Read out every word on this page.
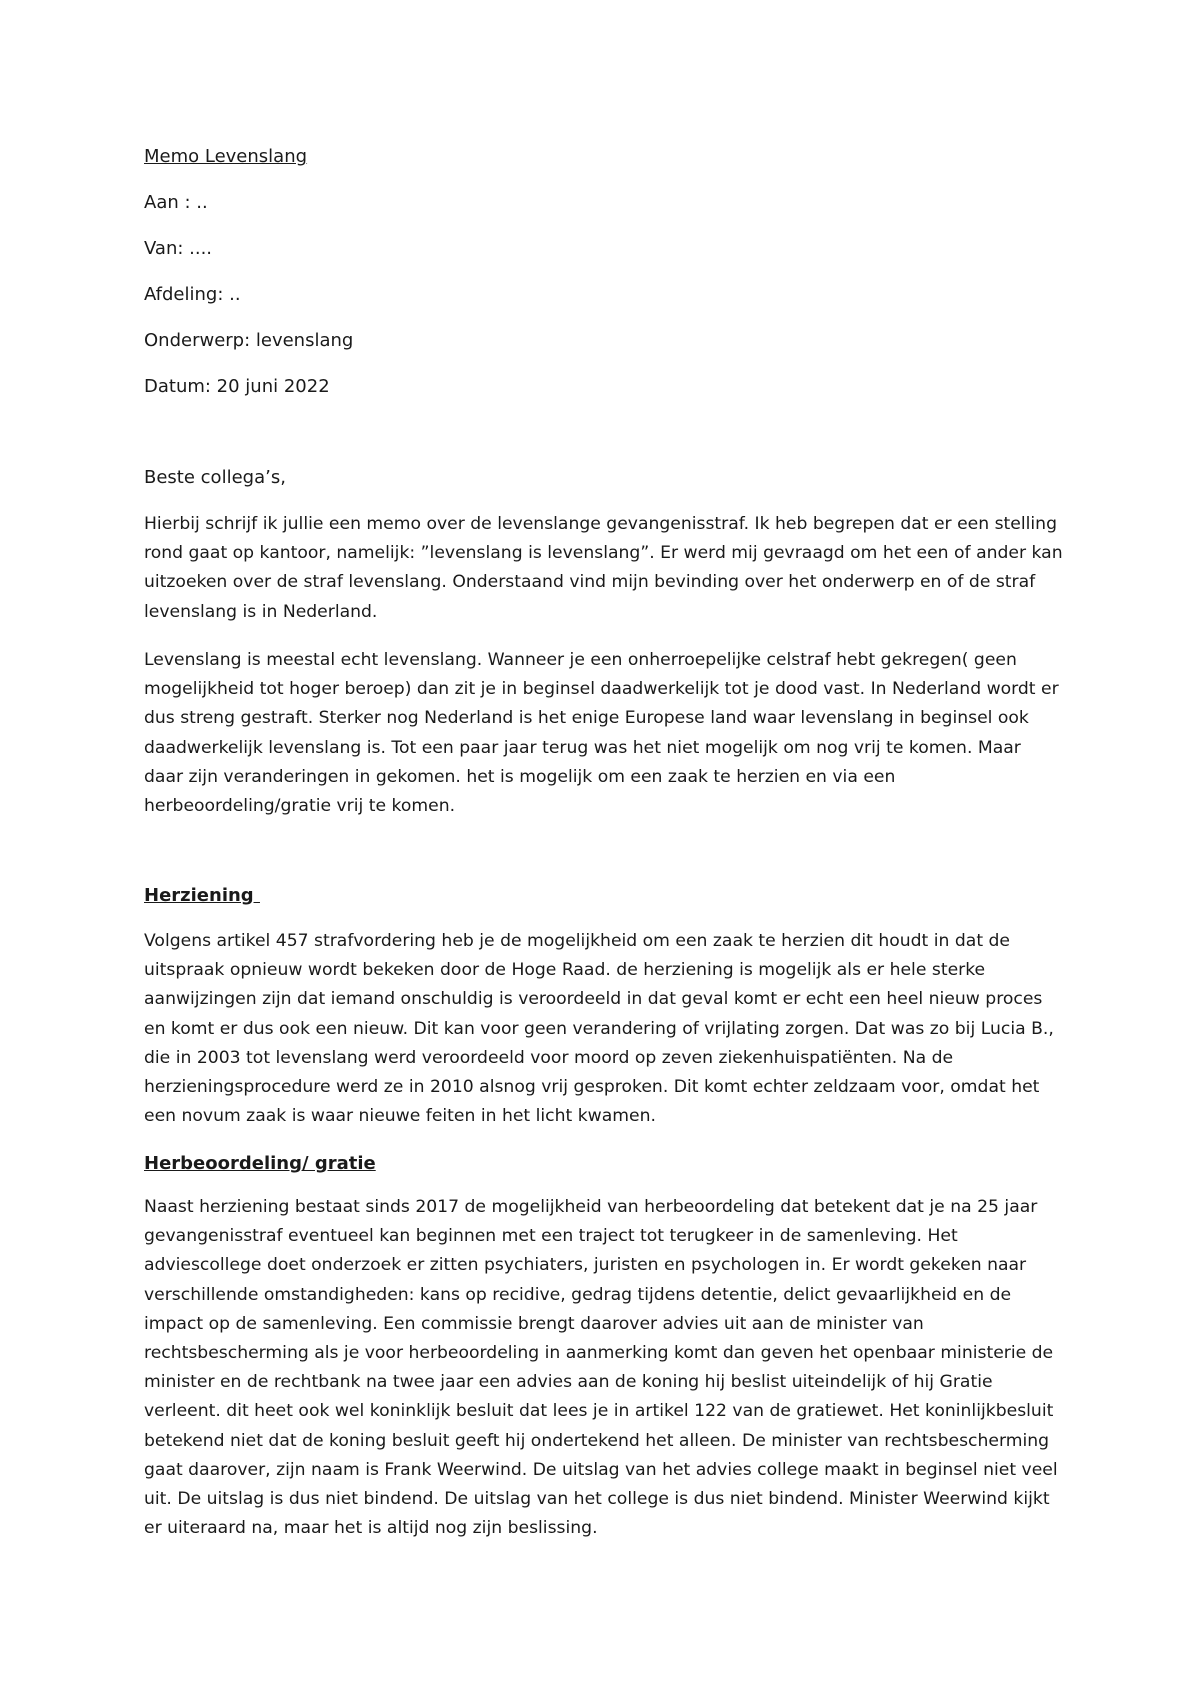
Memo Levenslang
Aan : ..
Van: ....
Afdeling: ..
Onderwerp: levenslang
Datum: 20 juni 2022
Beste collega’s,

Hierbij schrijf ik jullie een memo over de levenslange gevangenisstraf. Ik heb begrepen dat er een stelling rond gaat op kantoor, namelijk: ”levenslang is levenslang”. Er werd mij gevraagd om het een of ander kan uitzoeken over de straf levenslang. Onderstaand vind mijn bevinding over het onderwerp en of de straf levenslang is in Nederland.

Levenslang is meestal echt levenslang. Wanneer je een onherroepelijke celstraf hebt gekregen( geen mogelijkheid tot hoger beroep) dan zit je in beginsel daadwerkelijk tot je dood vast. In Nederland wordt er dus streng gestraft. Sterker nog Nederland is het enige Europese land waar levenslang in beginsel ook daadwerkelijk levenslang is. Tot een paar jaar terug was het niet mogelijk om nog vrij te komen. Maar daar zijn veranderingen in gekomen. het is mogelijk om een zaak te herzien en via een herbeoordeling/gratie vrij te komen.

Herziening

Volgens artikel 457 strafvordering heb je de mogelijkheid om een zaak te herzien dit houdt in dat de uitspraak opnieuw wordt bekeken door de Hoge Raad. de herziening is mogelijk als er hele sterke aanwijzingen zijn dat iemand onschuldig is veroordeeld in dat geval komt er echt een heel nieuw proces en komt er dus ook een nieuw. Dit kan voor geen verandering of vrijlating zorgen. Dat was zo bij Lucia B., die in 2003 tot levenslang werd veroordeeld voor moord op zeven ziekenhuispatiënten. Na de herzieningsprocedure werd ze in 2010 alsnog vrij gesproken. Dit komt echter zeldzaam voor, omdat het een novum zaak is waar nieuwe feiten in het licht kwamen.

Herbeoordeling/ gratie

Naast herziening bestaat sinds 2017 de mogelijkheid van herbeoordeling dat betekent dat je na 25 jaar gevangenisstraf eventueel kan beginnen met een traject tot terugkeer in de samenleving. Het adviescollege doet onderzoek er zitten psychiaters, juristen en psychologen in. Er wordt gekeken naar verschillende omstandigheden: kans op recidive, gedrag tijdens detentie, delict gevaarlijkheid en de impact op de samenleving. Een commissie brengt daarover advies uit aan de minister van rechtsbescherming als je voor herbeoordeling in aanmerking komt dan geven het openbaar ministerie de minister en de rechtbank na twee jaar een advies aan de koning hij beslist uiteindelijk of hij Gratie verleent. dit heet ook wel koninklijk besluit dat lees je in artikel 122 van de gratiewet. Het koninlijkbesluit betekend niet dat de koning besluit geeft hij ondertekend het alleen. De minister van rechtsbescherming gaat daarover, zijn naam is Frank Weerwind. De uitslag van het advies college maakt in beginsel niet veel uit. De uitslag is dus niet bindend. De uitslag van het college is dus niet bindend. Minister Weerwind kijkt er uiteraard na, maar het is altijd nog zijn beslissing.
